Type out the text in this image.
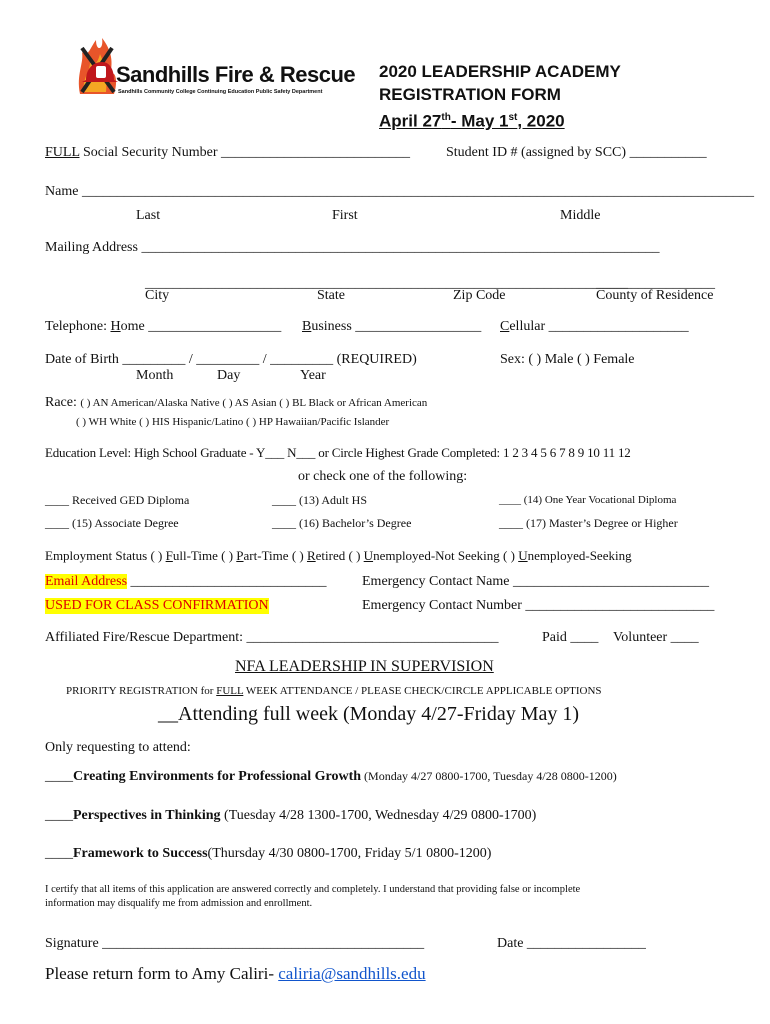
Sandhills Fire & Rescue
Sandhills Community College Continuing Education Public Safety Department
2020 LEADERSHIP ACADEMY
REGISTRATION FORM
April 27th- May 1st, 2020
FULL Social Security Number ___________________________	Student ID # (assigned by SCC) ___________
Name ________________________________________________________________________________________________
Last	First	Middle
Mailing Address __________________________________________________________________________
_____________________________________________________________________
_________________
City	State	Zip Code	County of Residence
Telephone: Home ___________________ Business __________________ Cellular ____________________
Date of Birth _________ / _________ / _________ (REQUIRED)	Sex: ( ) Male ( ) Female
Month	Day	Year
Race: ( ) AN American/Alaska Native ( ) AS Asian ( ) BL Black or African American
( ) WH White ( ) HIS Hispanic/Latino ( ) HP Hawaiian/Pacific Islander
Education Level: High School Graduate - Y___ N___ or Circle Highest Grade Completed: 1 2 3 4 5 6 7 8 9 10 11 12
or check one of the following:
____ Received GED Diploma	____ (13) Adult HS	____ (14) One Year Vocational Diploma
____ (15) Associate Degree	____ (16) Bachelor’s Degree	____ (17) Master’s Degree or Higher
Employment Status ( ) Full-Time ( ) Part-Time ( ) Retired ( ) Unemployed-Not Seeking ( ) Unemployed-Seeking
Email Address ____________________________	Emergency Contact Name ____________________________
USED FOR CLASS CONFIRMATION	Emergency Contact Number ___________________________
Affiliated Fire/Rescue Department: ____________________________________	Paid ____ Volunteer ____
NFA LEADERSHIP IN SUPERVISION
PRIORITY REGISTRATION for FULL WEEK ATTENDANCE / PLEASE CHECK/CIRCLE APPLICABLE OPTIONS
__Attending full week (Monday 4/27-Friday May 1)
Only requesting to attend:
____Creating Environments for Professional Growth (Monday 4/27 0800-1700, Tuesday 4/28 0800-1200)
____Perspectives in Thinking (Tuesday 4/28 1300-1700, Wednesday 4/29 0800-1700)
____Framework to Success(Thursday 4/30 0800-1700, Friday 5/1 0800-1200)
I certify that all items of this application are answered correctly and completely. I understand that providing false or incomplete
information may disqualify me from admission and enrollment.
Signature ______________________________________________	Date _________________
Please return form to Amy Caliri- caliria@sandhills.edu
